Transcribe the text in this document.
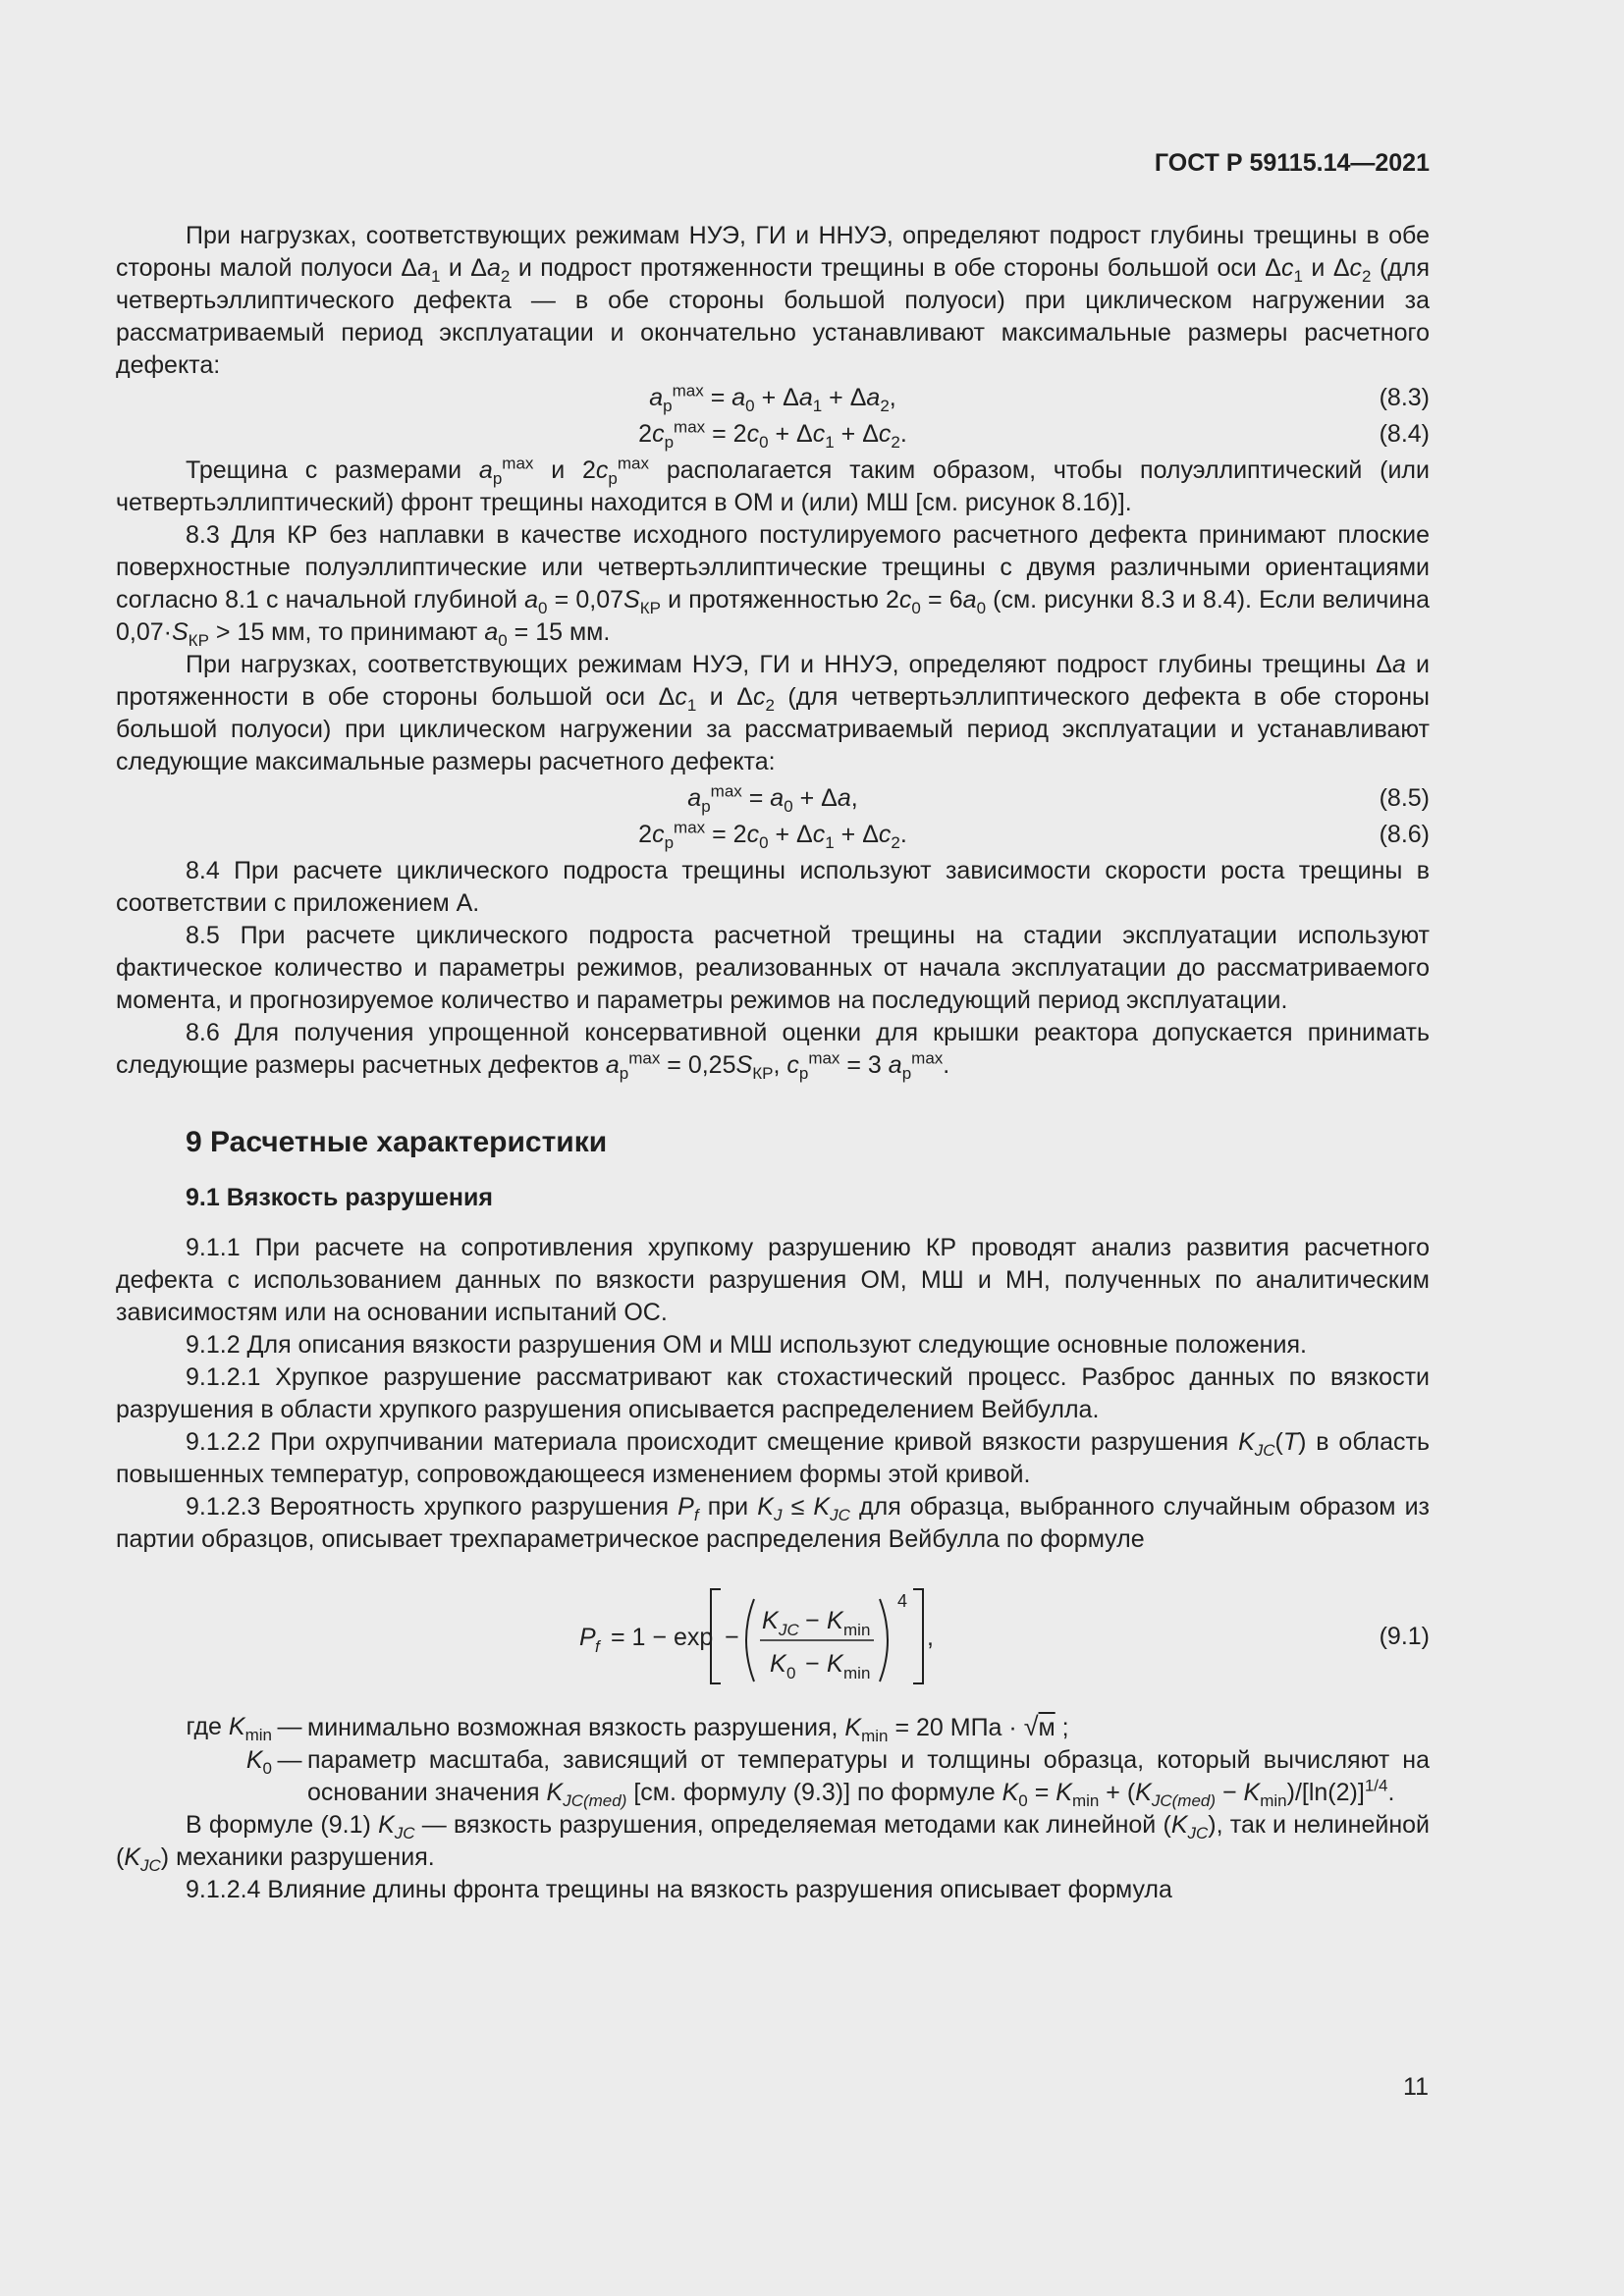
ГОСТ Р 59115.14—2021

При нагрузках, соответствующих режимам НУЭ, ГИ и ННУЭ, определяют подрост глубины трещины в обе стороны малой полуоси $\Delta a_1$ и $\Delta a_2$ и подрост протяженности трещины в обе стороны большой оси $\Delta c_1$ и $\Delta c_2$ (для четвертьэллиптического дефекта — в обе стороны большой полуоси) при циклическом нагружении за рассматриваемый период эксплуатации и окончательно устанавливают максимальные размеры расчетного дефекта:

$a_p^{max} = a_0 + \Delta a_1 + \Delta a_2$,	(8.3)
$2c_p^{max} = 2c_0 + \Delta c_1 + \Delta c_2$.	(8.4)

Трещина с размерами $a_p^{max}$ и $2c_p^{max}$ располагается таким образом, чтобы полуэллиптический (или четвертьэллиптический) фронт трещины находится в ОМ и (или) МШ [см. рисунок 8.1б)].

8.3 Для КР без наплавки в качестве исходного постулируемого расчетного дефекта принимают плоские поверхностные полуэллиптические или четвертьэллиптические трещины с двумя различными ориентациями согласно 8.1 с начальной глубиной $a_0 = 0,07S_{КР}$ и протяженностью $2c_0 = 6a_0$ (см. рисунки 8.3 и 8.4). Если величина $0,07\cdot S_{КР} > 15$ мм, то принимают $a_0 = 15$ мм.

При нагрузках, соответствующих режимам НУЭ, ГИ и ННУЭ, определяют подрост глубины трещины Δa и протяженности в обе стороны большой оси $\Delta c_1$ и $\Delta c_2$ (для четвертьэллиптического дефекта в обе стороны большой полуоси) при циклическом нагружении за рассматриваемый период эксплуатации и устанавливают следующие максимальные размеры расчетного дефекта:

$a_p^{max} = a_0 + \Delta a$,	(8.5)
$2c_p^{max} = 2c_0 + \Delta c_1 + \Delta c_2$.	(8.6)

8.4 При расчете циклического подроста трещины используют зависимости скорости роста трещины в соответствии с приложением А.

8.5 При расчете циклического подроста расчетной трещины на стадии эксплуатации используют фактическое количество и параметры режимов, реализованных от начала эксплуатации до рассматриваемого момента, и прогнозируемое количество и параметры режимов на последующий период эксплуатации.

8.6 Для получения упрощенной консервативной оценки для крышки реактора допускается принимать следующие размеры расчетных дефектов $a_p^{max} = 0,25S_{КР}$, $c_p^{max} = 3$ $a_p^{max}$.

9 Расчетные характеристики

9.1 Вязкость разрушения

9.1.1 При расчете на сопротивления хрупкому разрушению КР проводят анализ развития расчетного дефекта с использованием данных по вязкости разрушения ОМ, МШ и МН, полученных по аналитическим зависимостям или на основании испытаний ОС.

9.1.2 Для описания вязкости разрушения ОМ и МШ используют следующие основные положения.

9.1.2.1 Хрупкое разрушение рассматривают как стохастический процесс. Разброс данных по вязкости разрушения в области хрупкого разрушения описывается распределением Вейбулла.

9.1.2.2 При охрупчивании материала происходит смещение кривой вязкости разрушения $K_{JC}(T)$ в область повышенных температур, сопровождающееся изменением формы этой кривой.

9.1.2.3 Вероятность хрупкого разрушения $P_f$ при $K_J \le K_{JC}$ для образца, выбранного случайным образом из партии образцов, описывает трехпараметрическое распределения Вейбулла по формуле

P f = 1 − exp −
K JC − K min
K 0 − K min
4
,	(9.1)
где $K_{min}$ — минимально возможная вязкость разрушения, $K_{min} = 20$ МПа · √м ;
$K_0$ — параметр масштаба, зависящий от температуры и толщины образца, который вычисляют на основании значения $K_{JC(med)}$ [см. формулу (9.3)] по формуле $K_0 = K_{min} + (K_{JC(med)} - K_{min})/[\ln(2)]^{1/4}$.

В формуле (9.1) $K_{JC}$ — вязкость разрушения, определяемая методами как линейной $(K_{JC})$, так и нелинейной $(K_{JC})$ механики разрушения.

9.1.2.4 Влияние длины фронта трещины на вязкость разрушения описывает формула

11
